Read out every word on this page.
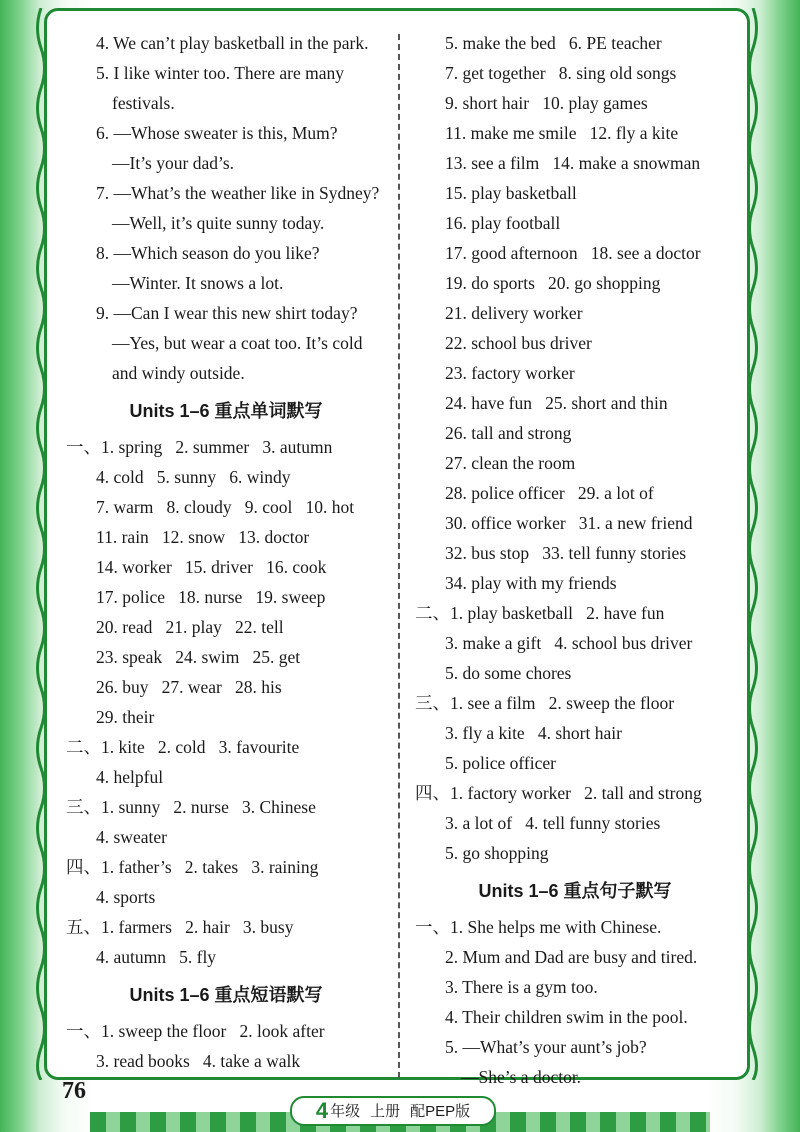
4. We can’t play basketball in the park.
5. I like winter too. There are many
festivals.
6. —Whose sweater is this, Mum?
—It’s your dad’s.
7. —What’s the weather like in Sydney?
—Well, it’s quite sunny today.
8. —Which season do you like?
—Winter. It snows a lot.
9. —Can I wear this new shirt today?
—Yes, but wear a coat too. It’s cold
and windy outside.
Units 1–6 重点单词默写
一、1. spring   2. summer   3. autumn
4. cold   5. sunny   6. windy
7. warm   8. cloudy   9. cool   10. hot
11. rain   12. snow   13. doctor
14. worker   15. driver   16. cook
17. police   18. nurse   19. sweep
20. read   21. play   22. tell
23. speak   24. swim   25. get
26. buy   27. wear   28. his
29. their
二、1. kite   2. cold   3. favourite
4. helpful
三、1. sunny   2. nurse   3. Chinese
4. sweater
四、1. father’s   2. takes   3. raining
4. sports
五、1. farmers   2. hair   3. busy
4. autumn   5. fly
Units 1–6 重点短语默写
一、1. sweep the floor   2. look after
3. read books   4. take a walk
5. make the bed   6. PE teacher
7. get together   8. sing old songs
9. short hair   10. play games
11. make me smile   12. fly a kite
13. see a film   14. make a snowman
15. play basketball
16. play football
17. good afternoon   18. see a doctor
19. do sports   20. go shopping
21. delivery worker
22. school bus driver
23. factory worker
24. have fun   25. short and thin
26. tall and strong
27. clean the room
28. police officer   29. a lot of
30. office worker   31. a new friend
32. bus stop   33. tell funny stories
34. play with my friends
二、1. play basketball   2. have fun
3. make a gift   4. school bus driver
5. do some chores
三、1. see a film   2. sweep the floor
3. fly a kite   4. short hair
5. police officer
四、1. factory worker   2. tall and strong
3. a lot of   4. tell funny stories
5. go shopping
Units 1–6 重点句子默写
一、1. She helps me with Chinese.
2. Mum and Dad are busy and tired.
3. There is a gym too.
4. Their children swim in the pool.
5. —What’s your aunt’s job?
—She’s a doctor.
76
4 年级 上册 配PEP版
